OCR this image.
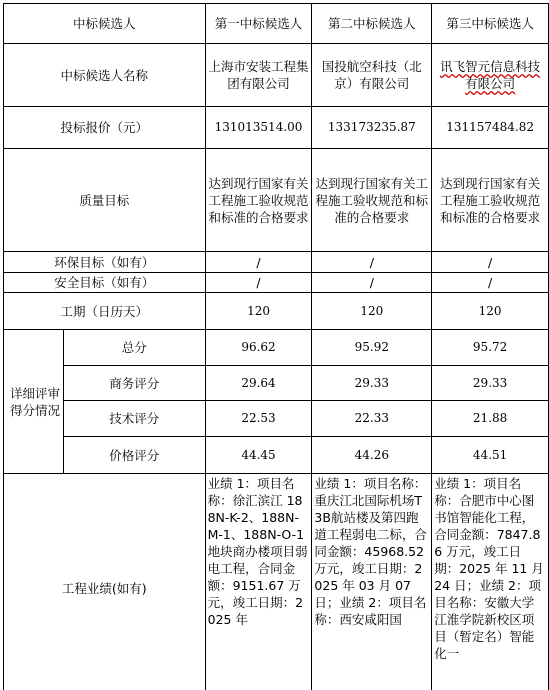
中标候选人		第一中标候选人	第二中标候选人	第三中标候选人
中标候选人名称		上海市安装工程集团有限公司	国投航空科技（北京）有限公司	讯飞智元信息科技有限公司
投标报价（元）		131013514.00	133173235.87	131157484.82
质量目标		达到现行国家有关工程施工验收规范和标准的合格要求	达到现行国家有关工程施工验收规范和标准的合格要求	达到现行国家有关工程施工验收规范和标准的合格要求
环保目标（如有）		/	/	/
安全目标（如有）		/	/	/
工期（日历天）		120	120	120
详细评审得分情况	总分	96.62	95.92	95.72
	商务评分	29.64	29.33	29.33
	技术评分	22.53	22.33	21.88
	价格评分	44.45	44.26	44.51
工程业绩(如有)		业绩 1：项目名称：徐汇滨江 188N-K-2、188N-M-1、188N-O-1 地块商办楼项目弱电工程，合同金额：9151.67 万元，竣工日期：2025 年	业绩 1：项目名称：重庆江北国际机场T3B航站楼及第四跑道工程弱电二标，合同金额：45968.52 万元，竣工日期：2025 年 03 月 07 日；业绩 2：项目名称：西安咸阳国	业绩 1：项目名称：合肥市中心图书馆智能化工程，合同金额：7847.86 万元，竣工日期：2025 年 11 月 24 日；业绩 2：项目名称：安徽大学江淮学院新校区项目（暂定名）智能化一
